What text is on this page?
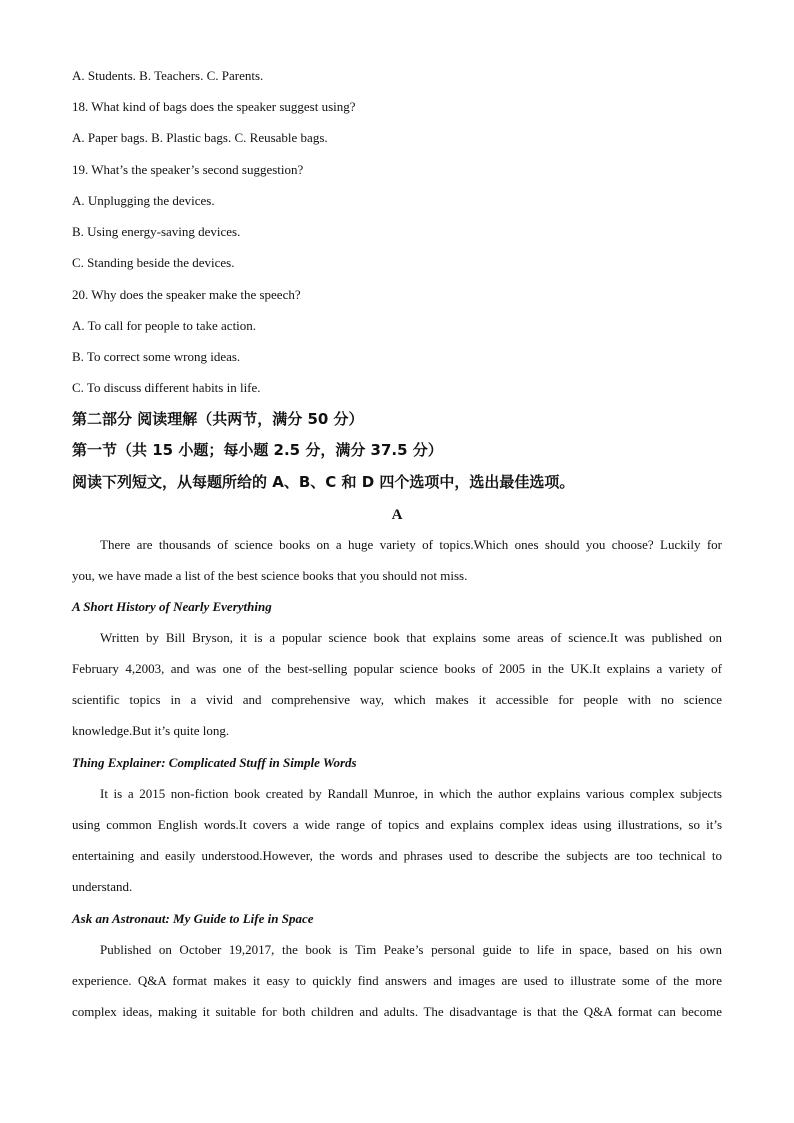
A. Students. B. Teachers. C. Parents.
18. What kind of bags does the speaker suggest using?
A. Paper bags. B. Plastic bags. C. Reusable bags.
19. What’s the speaker’s second suggestion?
A. Unplugging the devices.
B. Using energy-saving devices.
C. Standing beside the devices.
20. Why does the speaker make the speech?
A. To call for people to take action.
B. To correct some wrong ideas.
C. To discuss different habits in life.
第二部分 阅读理解（共两节，满分 50 分）
第一节（共 15 小题；每小题 2.5 分，满分 37.5 分）
阅读下列短文，从每题所给的 A、B、C 和 D 四个选项中，选出最佳选项。
A
There are thousands of science books on a huge variety of topics.Which ones should you choose? Luckily for
you, we have made a list of the best science books that you should not miss.
A Short History of Nearly Everything
Written by Bill Bryson, it is a popular science book that explains some areas of science.It was published on
February 4,2003, and was one of the best-selling popular science books of 2005 in the UK.It explains a variety of
scientific topics in a vivid and comprehensive way, which makes it accessible for people with no science
knowledge.But it’s quite long.
Thing Explainer: Complicated Stuff in Simple Words
It is a 2015 non-fiction book created by Randall Munroe, in which the author explains various complex subjects
using common English words.It covers a wide range of topics and explains complex ideas using illustrations, so it’s
entertaining and easily understood.However, the words and phrases used to describe the subjects are too technical to
understand.
Ask an Astronaut: My Guide to Life in Space
Published on October 19,2017, the book is Tim Peake’s personal guide to life in space, based on his own
experience. Q&A format makes it easy to quickly find answers and images are used to illustrate some of the more
complex ideas, making it suitable for both children and adults. The disadvantage is that the Q&A format can become
